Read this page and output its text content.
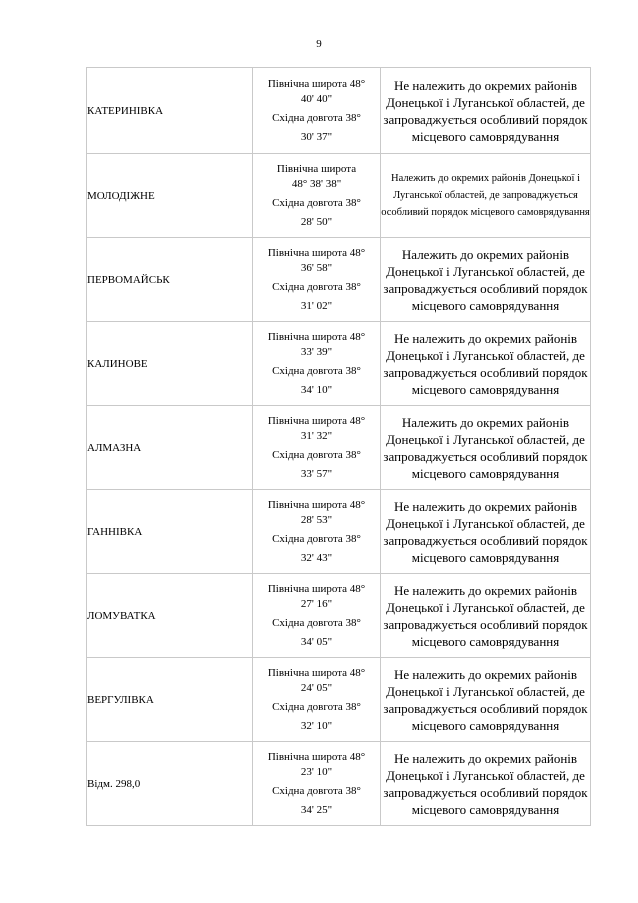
9
КАТЕРИНІВКА	Північна широта 48°
40' 40"
Східна довгота 38°
30' 37"	Не належить до окремих районів Донецької і Луганської областей, де запроваджується особливий порядок місцевого самоврядування

МОЛОДІЖНЕ	Північна широта
48° 38' 38"
Східна довгота 38°
28' 50"	Належить до окремих районів Донецької і Луганської областей, де запроваджується особливий порядок місцевого самоврядування

ПЕРВОМАЙСЬК	Північна широта 48°
36' 58"
Східна довгота 38°
31' 02"	Належить до окремих районів Донецької і Луганської областей, де запроваджується особливий порядок місцевого самоврядування

КАЛИНОВЕ	Північна широта 48°
33' 39"
Східна довгота 38°
34' 10"	Не належить до окремих районів Донецької і Луганської областей, де запроваджується особливий порядок місцевого самоврядування

АЛМАЗНА	Північна широта 48°
31' 32"
Східна довгота 38°
33' 57"	Належить до окремих районів Донецької і Луганської областей, де запроваджується особливий порядок місцевого самоврядування

ГАННІВКА	Північна широта 48°
28' 53"
Східна довгота 38°
32' 43"	Не належить до окремих районів Донецької і Луганської областей, де запроваджується особливий порядок місцевого самоврядування

ЛОМУВАТКА	Північна широта 48°
27' 16"
Східна довгота 38°
34' 05"	Не належить до окремих районів Донецької і Луганської областей, де запроваджується особливий порядок місцевого самоврядування

ВЕРГУЛІВКА	Північна широта 48°
24' 05"
Східна довгота 38°
32' 10"	Не належить до окремих районів Донецької і Луганської областей, де запроваджується особливий порядок місцевого самоврядування

Відм. 298,0	Північна широта 48°
23' 10"
Східна довгота 38°
34' 25"	Не належить до окремих районів Донецької і Луганської областей, де запроваджується особливий порядок місцевого самоврядування
